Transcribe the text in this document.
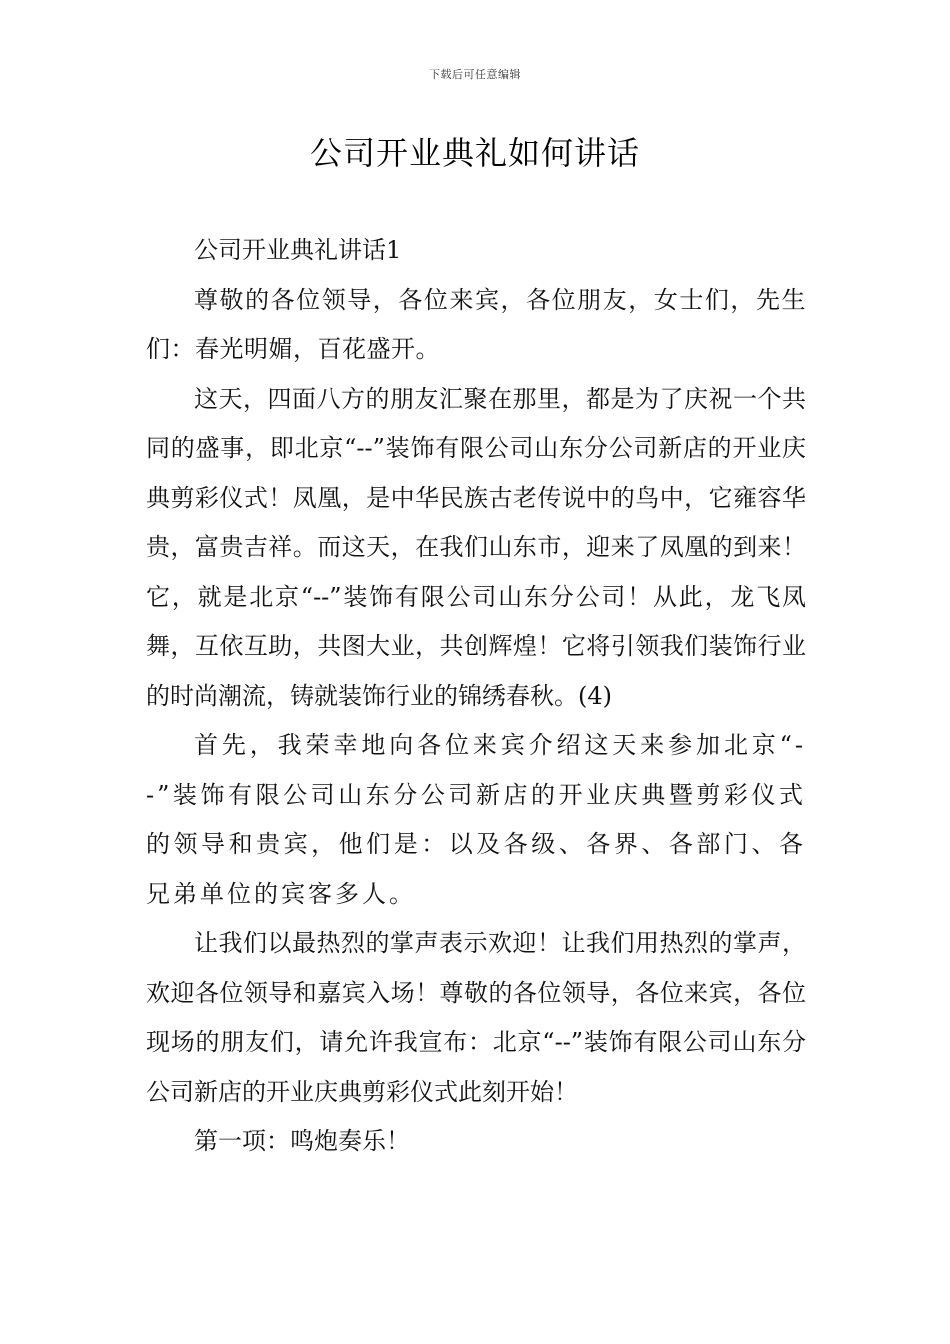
下载后可任意编辑
公司开业典礼如何讲话

公司开业典礼讲话1

尊敬的各位领导，各位来宾，各位朋友，女士们，先生们：春光明媚，百花盛开。

这天，四面八方的朋友汇聚在那里，都是为了庆祝一个共同的盛事，即北京“--”装饰有限公司山东分公司新店的开业庆典剪彩仪式！凤凰，是中华民族古老传说中的鸟中，它雍容华贵，富贵吉祥。而这天，在我们山东市，迎来了凤凰的到来！它，就是北京“--”装饰有限公司山东分公司！从此，龙飞凤舞，互依互助，共图大业，共创辉煌！它将引领我们装饰行业的时尚潮流，铸就装饰行业的锦绣春秋。(4)

首先，我荣幸地向各位来宾介绍这天来参加北京“--”装饰有限公司山东分公司新店的开业庆典暨剪彩仪式的领导和贵宾，他们是：以及各级、各界、各部门、各兄弟单位的宾客多人。

让我们以最热烈的掌声表示欢迎！让我们用热烈的掌声，欢迎各位领导和嘉宾入场！尊敬的各位领导，各位来宾，各位现场的朋友们，请允许我宣布：北京“--”装饰有限公司山东分公司新店的开业庆典剪彩仪式此刻开始！

第一项：鸣炮奏乐！
